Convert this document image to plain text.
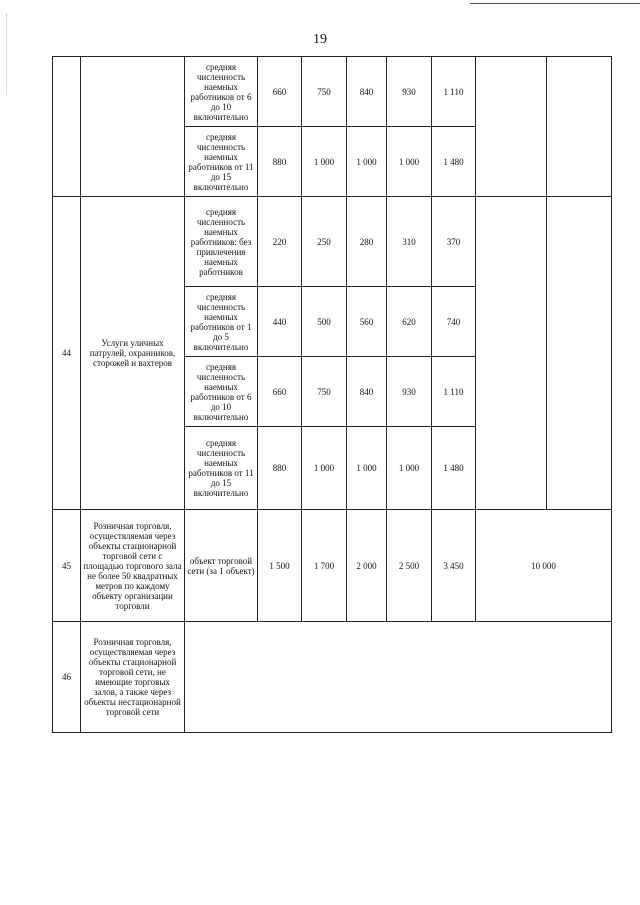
19
		средняя численность наемных работников от 6 до 10 включительно	660	750	840	930	1 110		
		средняя численность наемных работников от 11 до 15 включительно	880	1 000	1 000	1 000	1 480		
44	Услуги уличных патрулей, охранников, сторожей и вахтеров	средняя численность наемных работников: без привлечения наемных работников	220	250	280	310	370		
		средняя численность наемных работников от 1 до 5 включительно	440	500	560	620	740		
		средняя численность наемных работников от 6 до 10 включительно	660	750	840	930	1 110		
		средняя численность наемных работников от 11 до 15 включительно	880	1 000	1 000	1 000	1 480		
45	Розничная торговля, осуществляемая через объекты стационарной торговой сети с площадью торгового зала не более 50 квадратных метров по каждому объекту организации торговли	объект торговой сети (за 1 объект)	1 500	1 700	2 000	2 500	3 450	10 000	
46	Розничная торговля, осуществляемая через объекты стационарной торговой сети, не имеющие торговых залов, а также через объекты нестационарной торговой сети								
